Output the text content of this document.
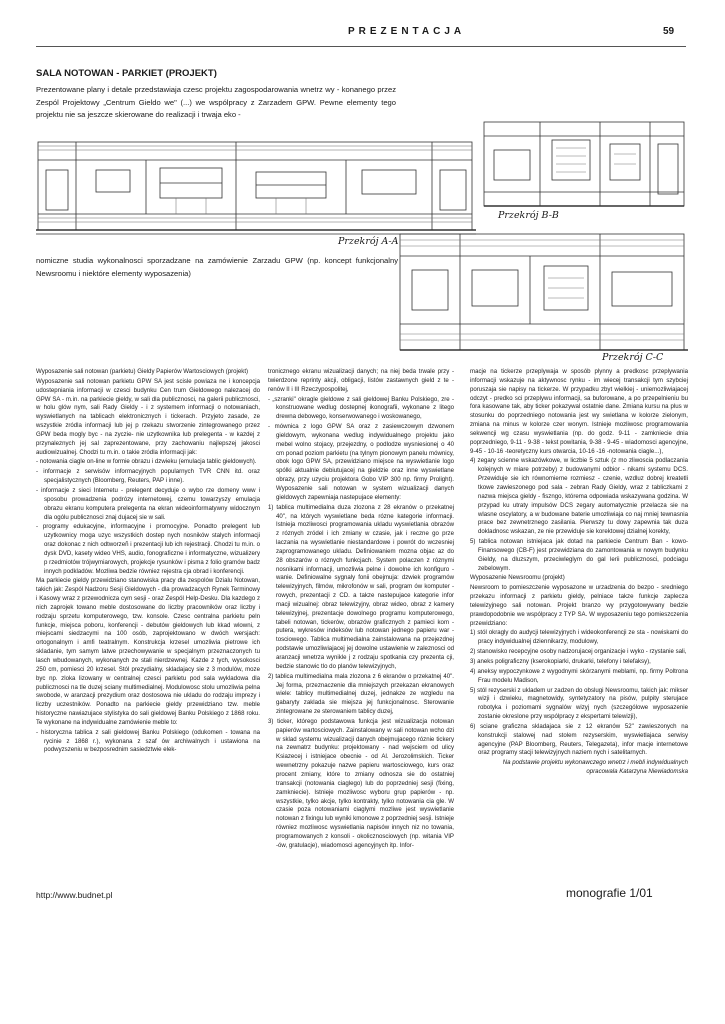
PREZENTACJA	59
SALA NOTOWAN - PARKIET (PROJEKT)
Prezentowane plany i detale przedstawiaja czesc projektu zagospodarowania wnetrz wy - konanego przez Zespól Projektowy „Centrum Gieldo we" (...) we wspólpracy z Zarzadem GPW. Pewne elementy tego projektu nie sa jeszcze skierowane do realizacji i trwaja eko -
Przekrój A-A
Przekrój B-B
Przekrój C-C
nomiczne studia wykonalnosci sporzadzane na zamówienie Zarzadu GPW (np. koncept funkcjonalny Newsroomu i niektóre elementy wyposazenia)

Wyposazenie sali notowan (parkietu) Gieldy Papierów Wartosciowych (projekt)

Wyposazenie sali notowan parkietu GPW SA jest scisle powiaza ne i koncepcja udostepniania informacji w czesci budynku Cen trum Gieldowego nalezacej do GPW SA - m.in. na parkiecie gieldy, w sali dla publicznosci, na galerii publicznosci, w holu glów nym, sali Rady Gieldy - i z systemem informacji o notowaniach, wyswietlanych na tablicach elektronicznych i tickerach. Przyjeto zasade, ze wszystkie zródla informacji lub jej p rzekazu stworzenie zintegrowanego przez GPW beda mogly byc - na zyczie- nie uzytkownika lub prelegenta - w kazdej z przynaleznych jej sal zaprezentowane, przy zachowaniu najlepszej jakosci audiowizualnej. Chodzi tu m.in. o takie zródla informacji jak:

- notowania ciagle on-line w formie obrazu i dzwieku (emulacja tablic gieldowych).

- informacje z serwisów informacyjnych popularnych TVR CNN itd. oraz specjalistycznych (Bloomberg, Reuters, PAP i inne).

- informacje z sieci Internetu - prelegent decyduje o wybo rze domeny www i sposobu prowadzenia podrózy internetowej, czemu towarzyszy emulacja obrazu ekranu komputera prelegenta na ekran wideoinformatywny widocznym dla ogólu publicznosci znaj dujacej sie w sali.

- programy edukacyjne, informacyjne i promocyjne. Ponadto prelegent lub uzytkownicy moga uzyc wszystkich dostep nych nosników stalych informacji oraz dokonac z nich odtworzeñ i prezentacji lub ich rejestracji. Chodzi tu m.in. o dysk DVD, kasety wideo VHS, audio, fonograficzne i informatyczne, wizualizery p rzedmiotów trójwymiarowych, projekcje rysunków i pisma z folio gramów badz innych podkladów. Mozliwa bedzie równiez rejestra cja obrad i konferencji.

Ma parkiecie gieldy przewidziano stanowiska pracy dla zespolów Dzialu Notowan, takich jak: Zespól Nadzoru Sesji Gieldowych - dla prowadzacych Rynek Terminowy i Kasowy wraz z przewodnicza cym sesji - oraz Zespól Help-Desku. Dla kazdego z nich zaprojek towano meble dostosowane do liczby pracowników oraz liczby i rodzaju sprzetu komputerowego, tzw. konsole. Czesc centralna parkietu peln funkcje, miejsca poboru, konferencji - debutów gieldowych lub kkad wlowni, z miejscami siedzacymi na 100 osób, zaprojektowano w dwóch wersjach: ortogonalnym i amfi teatralnym. Konstrukcja krzesel umozliwia pietrowe ich skladanie, tym samym latwe przechowywanie w specjalnym przeznaczonych tu lasch wbudowanych, wykonanych ze stali nierdzewnej. Kazde z tych, wysokosci 250 cm, pomiesci 20 krzesel. Stól prezydialny, skladajacy sie z 3 modulów, moze byc np. zloka lizowany w centralnej czesci parkietu pod sala wykladowa dla publicznosci na tle duzej sciany multimedialnej. Modulowosc stolu umozliwia pelna swobode, w aranzacji prezydium oraz dostosowa nie ukladu do rodzaju imprezy i liczby uczestników. Ponadto na parkiecie gieldy przewidziano tzw. meble historyczne nawiazujace stylistyka do sali gieldowej Banku Polskiego z 1868 roku. Te wykonane na indywidualne zamówienie meble to:

- historyczna tablica z sali gieldowej Banku Polskiego (odukomen - towana na rycinie z 1868 r.), wykonana z szaf ów archiwalnych i ustawiona na podwyzszeniu w bezposrednim sasiedztwie elek-

tronicznego ekranu wizualizacji danych; na niej beda trwale przy - twierdzone reprinty akcji, obligacji, listów zastawnych gield z te - renów II i III Rzeczypospolitej,

- „szranki" okragle gieldowe z sali gieldowej Banku Polskiego, zre - konstruowane wedlug dostepnej ikonografii, wykonane z litego drewna debowego, konserwowanego i woskowanego,

- mównica z logo GPW SA oraz z zasiewczowym dzwonem gieldowym, wykonana wedlug indywidualnego projektu jako mebel wolno stojacy, przejezdny, o podlodze wysniesionej o 40 cm ponad poziom parkietu (na tylnym pionowym panelu mównicy, obok logo GPW SA, przewidziano miejsce na wyswietlanie logo spólki aktualnie debiutujacej na gieldzie oraz inne wyswietlane obrazy, przy uzyciu projektora Gobo VIP 300 np. firmy Prolight). Wyposazenie sali notowan w system wizualizacji danych gieldowych zapewniaja nastepujace elementy:

1) tablica multimedialna duza zlozona z 28 ekranów o przekatnej 40", na których wyswietlane beda rózne kategorie informacji. Istnieja mozliwosci programowania ukladu wyswietlania obrazów z róznych zródel i ich zmiany w czasie, jak i reczne go prze laczania na wyswietlanie niestandardowe i powrót do wczesniej zaprogramowanego ukladu. Definiowaniem mozna objac az do 28 obszarów o róznych funkcjach. System polaczen z róznymi nosnikami informacji, umozliwia pelne i dowolne ich konfiguro - wanie. Definiowalne sygnaly fonii obejmuja: dzwiek programów telewizyjnych, filmów, mikrofonów w sali, program ów komputer - rowych, prezentacji z CD. a takze nastepujace kategorie infor macji wizualnej: obraz telewizyjny, obraz wideo, obraz z kamery telewizyjnej, prezentacje dowolnego programu komputerowego, tabeli notowan, tickerów, obrazów graficznych z pamieci kom - putera, wykresów indeksów lub notowan jednego papieru war - tosciowego. Tablica multimedialna zainstalowana na przejezdnej podstawie umozliwiajacej jej dowolne ustawienie w zaleznosci od aranzacji wnetrza wynikle j z rodzaju spotkania czy prezenta cji, bedzie stanowic tlo do planów telewizyjnych,

2) tablica multimedialna mala zlozona z 6 ekranów o przekatnej 40". Jej forma, przeznaczenie dla mniejszych przekazan ekranowych wiele: tablicy multimedialnej duzej, jednakze ze wzgledu na gabaryty zaklada sie miejsza jej funkcjonalnosc. Sterowanie zintegrowane ze sterowaniem tablicy duzej,

3) ticker, którego podstawowa funkcja jest wizualizacja notowan papierów wartosciowych. Zainstalowany w sali notowan wcho dzi w sklad systemu wizualizacji danych obejmujacego róznie tickery na zewnatrz budynku: projektowany - nad wejsciem od ulicy Ksiazecej i istniejace obecnie - od Al. Jerozolimskich. Ticker wewnetrzny pokazuje nazwe papieru wartosciowego, kurs oraz procent zmiany, które to zmiany odnosza sie do ostatniej transakcji (notowania ciaglego) lub do poprzedniej sesji (fixing, zamkniecie). Istnieje mozliwosc wyboru grup papierów - np. wszystkie, tylko akcje, tylko kontrakty, tylko notowania cia gle. W czasie poza notowaniami ciaglymi mozliwe jest wyswietlanie notowan z fixingu lub wyniki kmonowe z poprzedniej sesji. Istnieje równiez mozliwosc wyswietlania napisów innych niz no towania, programowanych z konsoli - okolicznosciowych (np. witania VIP -ów, gratulacje), wiadomosci agencyjnych itp. Infor-

macje na tickerze przeplywaja w sposób plynny a predkosc przeplywania informacji wskazuje na aktywnosc rynku - im wiecej transakcji tym szybciej poruszaja sie napisy na tickerze. W przypadku zbyt wielkiej - uniemozliwiajacej odczyt - predko sci przeplywu informacji, sa buforowane, a po przepelnieniu bu fora kasowane tak, aby ticker pokazywal ostatnie dane. Zmiana kursu na plus w stosunku do poprzedniego notowania jest wy swietlana w kolorze zielonym, zmiana na minus w kolorze czer wonym. Istnieje mozliwosc programowania sekwencji wg czasu wyswietlania (np. do godz. 9-11 - zamkniecie dnia poprzedniego, 9-11 - 9-38 - tekst powitania, 9-38 - 9-45 - wiadomosci agencyjne, 9-45 - 10-16 -teoretyczny kurs otwarcia, 10-16 -16 -notowania ciagle...),

4) zegary scienne wskazówkowe, w liczbie 5 sztuk (z mo zliwoscia podlaczania kolejnych w miare potrzeby) z budowanymi odbior - nikami systemu DCS. Przewiduje sie ich równomierne rozmiesz - czenie, wzdluz dobrej kreatetli tkowe zawieszonego pod sala - zebran Rady Gieldy, wraz z tabliczkami z nazwa miejsca gieldy - fiszngo, którema odpowiada wskazywana godzina. W przypad ku utraty impulsów DCS zegary automatycznie przelacza sie na wlasne oscylatory, a w budowane baterie umozliwiaja co naj mniej tewnasnia prace bez zewnetrznego zasilania. Pierwszy tu dowy zapewnia tak duza dokladnosc wskazan, ze nie przewiduje sie korektowej dzialnej korekty,

5) tablica notowan istniejaca jak dotad na parkiecie Centrum Ban - kowo-Finansowego (CB-F) jest przewidziana do zamontowania w nowym budynku Gieldy, na dluzszym, przeciwleglym do gal lerii publicznosci, podciagu zebelowym.

Wyposazenie Newsroomu (projekt)

Newsroom to pomieszczenie wyposazone w urzadzenia do bezpo - sredniego przekazu informacji z parkietu gieldy, pelniace takze funkcje zaplecza telewizyjnego sali notowan. Projekt branzo wy przygotowywany bedzie prawdopodobnie we wspólpracy z TYP SA. W wyposazeniu tego pomieszczenia przewidziano:

1) stól okragly do audycji telewizyjnych i wideokonferencji ze sta - nowiskami do pracy indywidualnej dziennikarzy, modulowy,

2) stanowisko recepcyjne osoby nadzorujacej organizacje i wyko - rzystanie sali,

3) aneks poligraficzny (kserokopiarki, drukarki, telefony i telefaksy),

4) aneksy wypoczynkowe z wygodnymi skórzanymi meblami, np. firmy Poltrona Frau modelu Madison,

5) stól rezyserski z ukladem ur zadzen do obslugi Newsroomu, takich jak: mikser wizji i dzwieku, magnetowidy, syntetyzatory na pisów, pulpity sterujace robotyka i poziomami sygnalów wizyj nych (szczególowe wyposazenie zostanie okreslone przy wspólpracy z ekspertami telewizji),

6) sciane graficzna skladajaca sie z 12 ekranów 52" zawieszonych na konstrukcji stalowej nad stolem rezyserskim, wyswietlajaca serwisy agencyjne (PAP Bloomberg, Reuters, Telegazeta), infor macje internetowe oraz programy stacji telewizyjnych naziem nych i satelitarnych.

Na podstawie projektu wykonawczego wnetrz i mebli indywidualnych opracowala Katarzyna Niewiadomska

http://www.budnet.pl	monografie 1/01
